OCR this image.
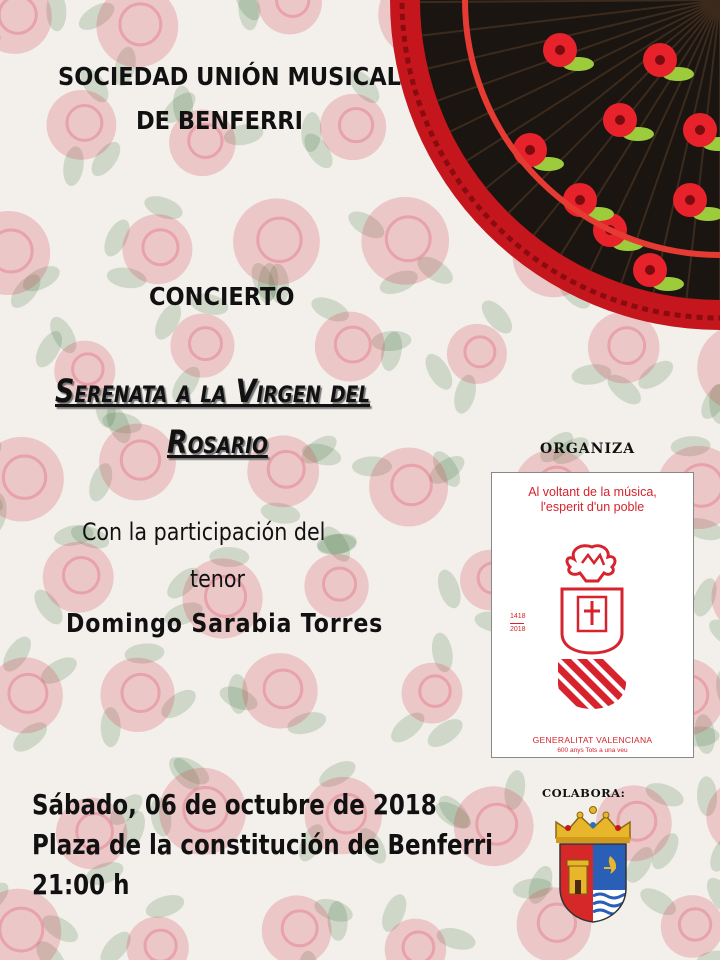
SOCIEDAD UNIÓN MUSICAL
DE BENFERRI
CONCIERTO
Serenata a la Virgen del
Rosario
Con la participación del
tenor
Domingo Sarabia Torres
Sábado, 06 de octubre de 2018
Plaza de la constitución de Benferri
21:00 h
ORGANIZA
Al voltant de la música,
l'esperit d'un poble
1418
2018
GENERALITAT VALENCIANA
600 anys Tots a una veu
COLABORA:
